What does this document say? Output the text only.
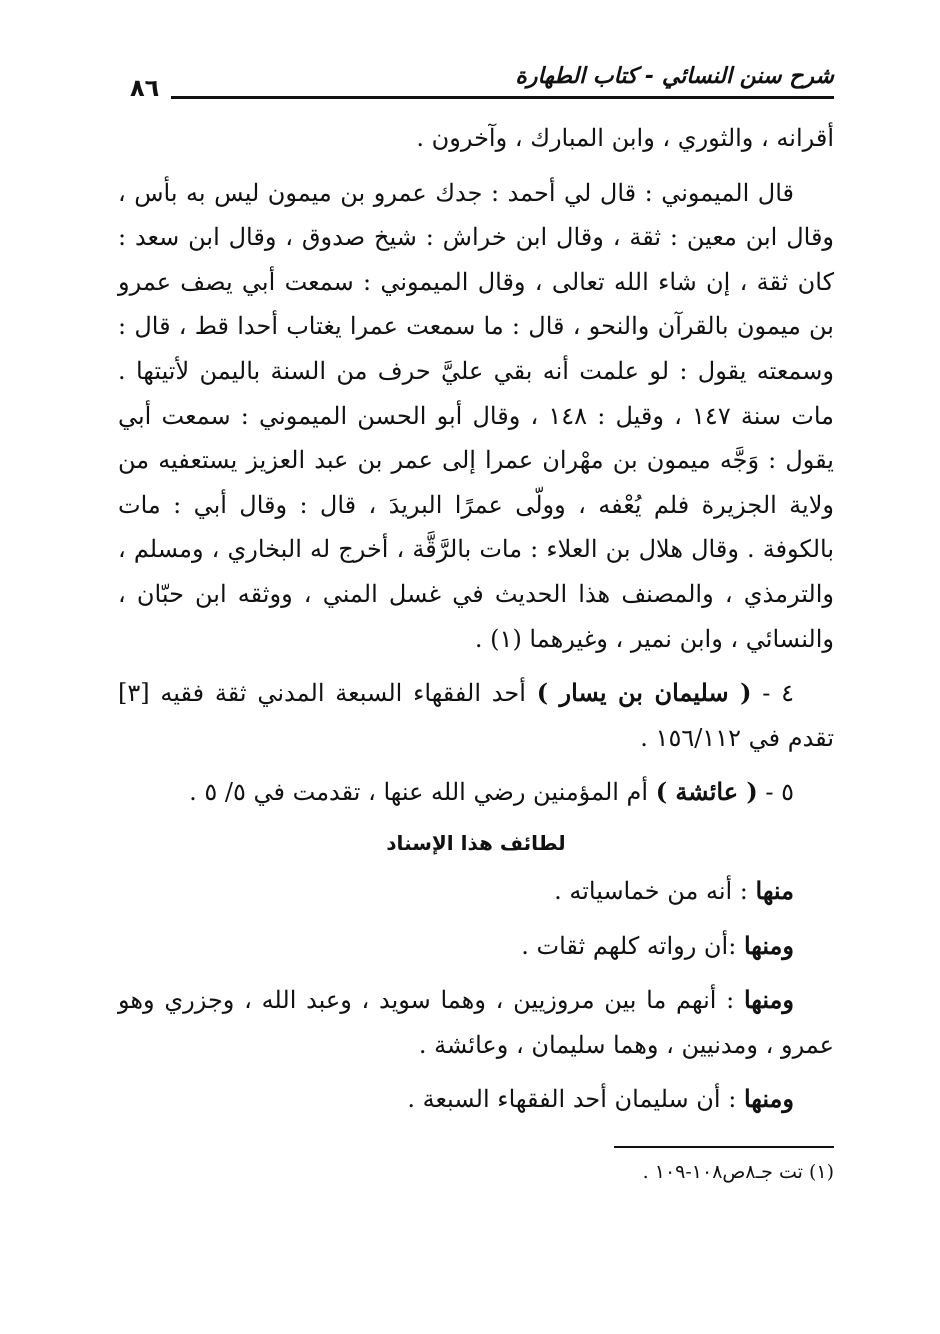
شرح سنن النسائي - كتاب الطهارة
٨٦

أقرانه ، والثوري ، وابن المبارك ، وآخرون .

قال الميموني : قال لي أحمد : جدك عمرو بن ميمون ليس به بأس ، وقال ابن معين : ثقة ، وقال ابن خراش : شيخ صدوق ، وقال ابن سعد : كان ثقة ، إن شاء الله تعالى ، وقال الميموني : سمعت أبي يصف عمرو بن ميمون بالقرآن والنحو ، قال : ما سمعت عمرا يغتاب أحدا قط ، قال : وسمعته يقول : لو علمت أنه بقي عليَّ حرف من السنة باليمن لأتيتها . مات سنة ١٤٧ ، وقيل : ١٤٨ ، وقال أبو الحسن الميموني : سمعت أبي يقول : وَجَّه ميمون بن مهْران عمرا إلى عمر بن عبد العزيز يستعفيه من ولاية الجزيرة فلم يُعْفه ، وولّى عمرًا البريدَ ، قال : وقال أبي : مات بالكوفة . وقال هلال بن العلاء : مات بالرَّقَّة ، أخرج له البخاري ، ومسلم ، والترمذي ، والمصنف هذا الحديث في غسل المني ، ووثقه ابن حبّان ، والنسائي ، وابن نمير ، وغيرهما (١) .

٤ - ( سليمان بن يسار ) أحد الفقهاء السبعة المدني ثقة فقيه [٣] تقدم في ١٥٦/١١٢ .

٥ - ( عائشة ) أم المؤمنين رضي الله عنها ، تقدمت في ٥/ ٥ .

لطائف هذا الإسناد

منها : أنه من خماسياته .

ومنها :أن رواته كلهم ثقات .

ومنها : أنهم ما بين مروزيين ، وهما سويد ، وعبد الله ، وجزري وهو عمرو ، ومدنيين ، وهما سليمان ، وعائشة .

ومنها : أن سليمان أحد الفقهاء السبعة .

(١) تت جـ٨ص١٠٨-١٠٩ .
